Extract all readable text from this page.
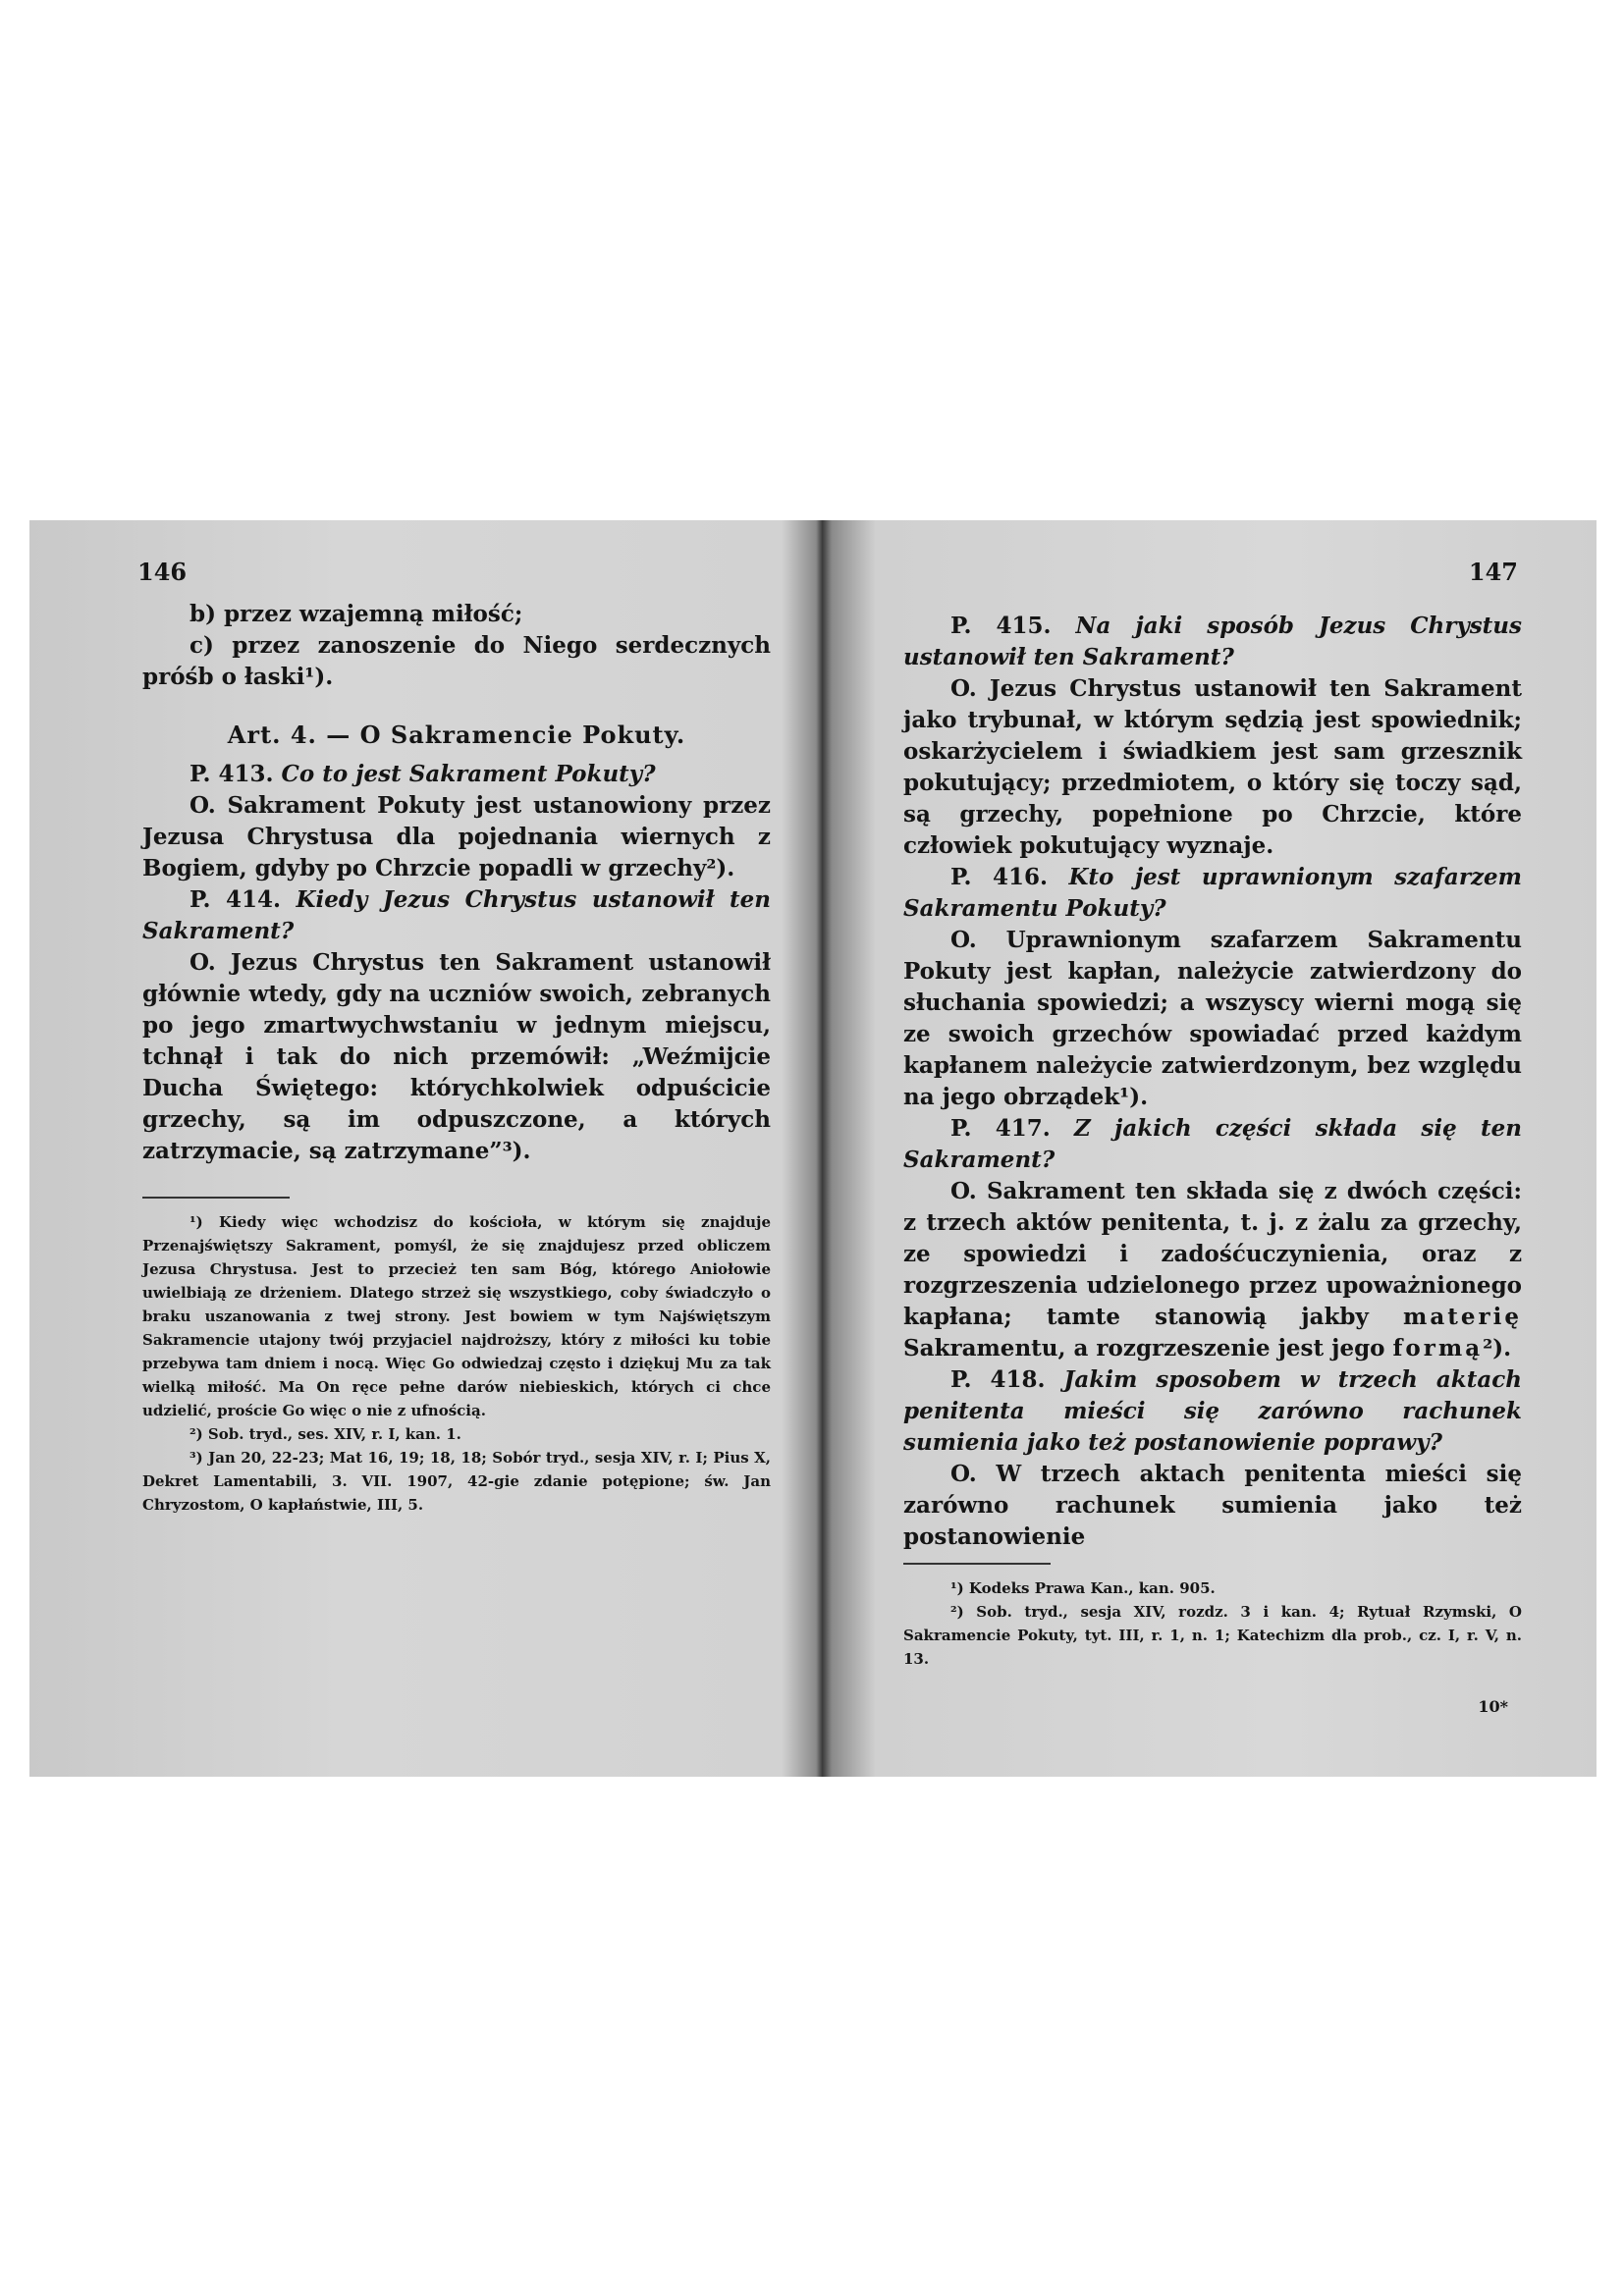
146

b) przez wzajemną miłość;

c) przez zanoszenie do Niego serdecznych próśb o łaski¹).

Art. 4. — O Sakramencie Pokuty.

P. 413. Co to jest Sakrament Pokuty?

O. Sakrament Pokuty jest ustanowiony przez Jezusa Chrystusa dla pojednania wiernych z Bogiem, gdyby po Chrzcie popadli w grzechy²).

P. 414. Kiedy Jezus Chrystus ustanowił ten Sakrament?

O. Jezus Chrystus ten Sakrament ustanowił głównie wtedy, gdy na uczniów swoich, zebranych po jego zmartwychwstaniu w jednym miejscu, tchnął i tak do nich przemówił: „Weźmijcie Ducha Świętego: którychkolwiek odpuścicie grzechy, są im odpuszczone, a których zatrzymacie, są zatrzymane”³).

¹) Kiedy więc wchodzisz do kościoła, w którym się znajduje Przenajświętszy Sakrament, pomyśl, że się znajdujesz przed obliczem Jezusa Chrystusa. Jest to przecież ten sam Bóg, którego Aniołowie uwielbiają ze drżeniem. Dlatego strzeż się wszystkiego, coby świadczyło o braku uszanowania z twej strony. Jest bowiem w tym Najświętszym Sakramencie utajony twój przyjaciel najdroższy, który z miłości ku tobie przebywa tam dniem i nocą. Więc Go odwiedzaj często i dziękuj Mu za tak wielką miłość. Ma On ręce pełne darów niebieskich, których ci chce udzielić, proście Go więc o nie z ufnością.

²) Sob. tryd., ses. XIV, r. I, kan. 1.

³) Jan 20, 22-23; Mat 16, 19; 18, 18; Sobór tryd., sesja XIV, r. I; Pius X, Dekret Lamentabili, 3. VII. 1907, 42-gie zdanie potępione; św. Jan Chryzostom, O kapłaństwie, III, 5.

147

P. 415. Na jaki sposób Jezus Chrystus ustanowił ten Sakrament?

O. Jezus Chrystus ustanowił ten Sakrament jako trybunał, w którym sędzią jest spowiednik; oskarżycielem i świadkiem jest sam grzesznik pokutujący; przedmiotem, o który się toczy sąd, są grzechy, popełnione po Chrzcie, które człowiek pokutujący wyznaje.

P. 416. Kto jest uprawnionym szafarzem Sakramentu Pokuty?

O. Uprawnionym szafarzem Sakramentu Pokuty jest kapłan, należycie zatwierdzony do słuchania spowiedzi; a wszyscy wierni mogą się ze swoich grzechów spowiadać przed każdym kapłanem należycie zatwierdzonym, bez względu na jego obrządek¹).

P. 417. Z jakich części składa się ten Sakrament?

O. Sakrament ten składa się z dwóch części: z trzech aktów penitenta, t. j. z żalu za grzechy, ze spowiedzi i zadośćuczynienia, oraz z rozgrzeszenia udzielonego przez upoważnionego kapłana; tamte stanowią jakby materię Sakramentu, a rozgrzeszenie jest jego formą²).

P. 418. Jakim sposobem w trzech aktach penitenta mieści się zarówno rachunek sumienia jako też postanowienie poprawy?

O. W trzech aktach penitenta mieści się zarówno rachunek sumienia jako też postanowienie

¹) Kodeks Prawa Kan., kan. 905.

²) Sob. tryd., sesja XIV, rozdz. 3 i kan. 4; Rytuał Rzymski, O Sakramencie Pokuty, tyt. III, r. 1, n. 1; Katechizm dla prob., cz. I, r. V, n. 13.

10*
